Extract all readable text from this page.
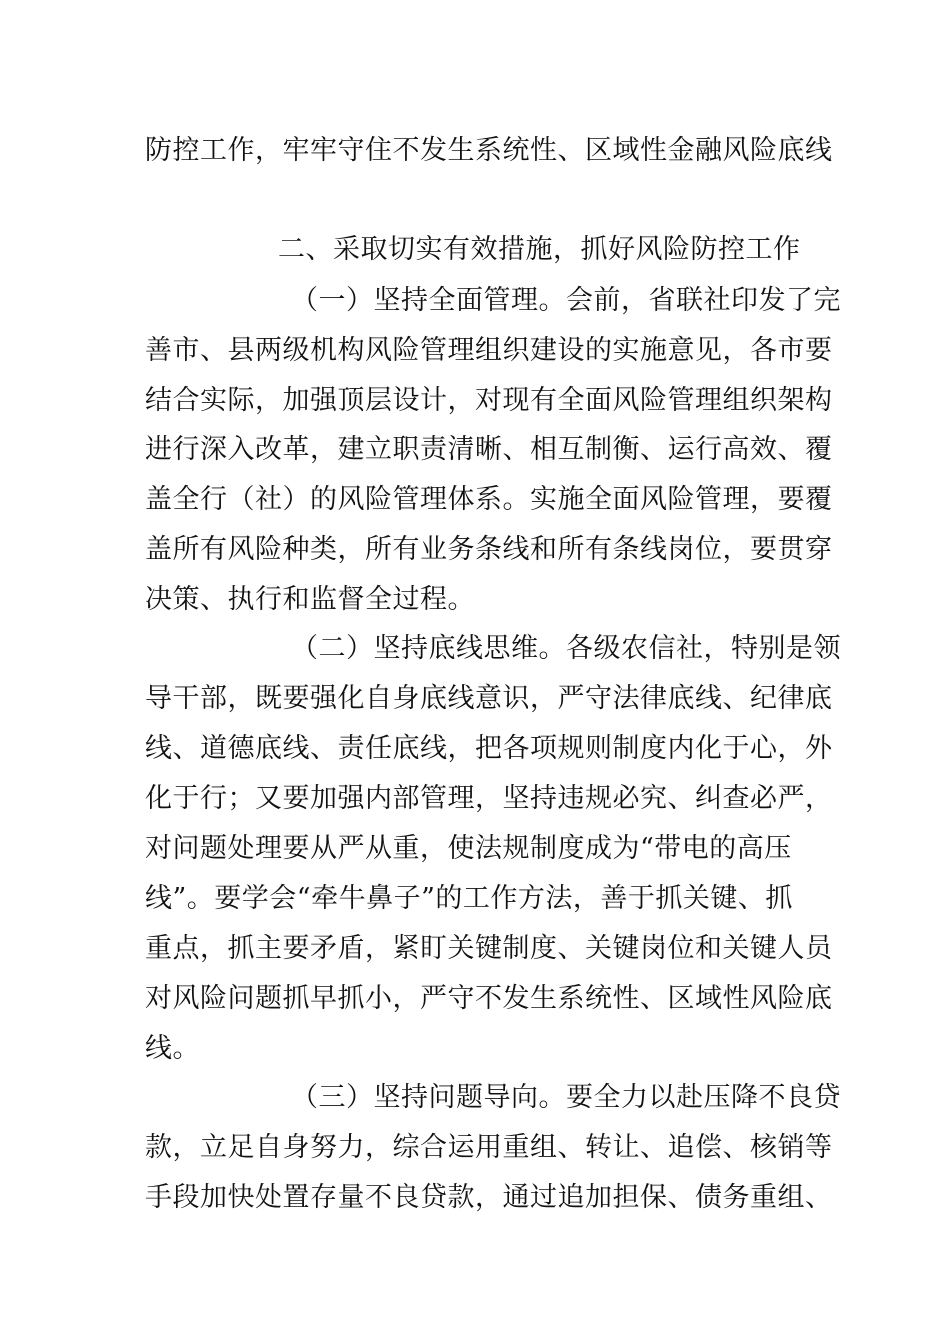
防控工作，牢牢守住不发生系统性、区域性金融风险底线
二、采取切实有效措施，抓好风险防控工作
（一）坚持全面管理。会前，省联社印发了完
善市、县两级机构风险管理组织建设的实施意见，各市要
结合实际，加强顶层设计，对现有全面风险管理组织架构
进行深入改革，建立职责清晰、相互制衡、运行高效、覆
盖全行（社）的风险管理体系。实施全面风险管理，要覆
盖所有风险种类，所有业务条线和所有条线岗位，要贯穿
决策、执行和监督全过程。
（二）坚持底线思维。各级农信社，特别是领
导干部，既要强化自身底线意识，严守法律底线、纪律底
线、道德底线、责任底线，把各项规则制度内化于心，外
化于行；又要加强内部管理，坚持违规必究、纠查必严，
对问题处理要从严从重，使法规制度成为“带电的高压
线”。要学会“牵牛鼻子”的工作方法，善于抓关键、抓
重点，抓主要矛盾，紧盯关键制度、关键岗位和关键人员
对风险问题抓早抓小，严守不发生系统性、区域性风险底
线。
（三）坚持问题导向。要全力以赴压降不良贷
款，立足自身努力，综合运用重组、转让、追偿、核销等
手段加快处置存量不良贷款，通过追加担保、债务重组、
